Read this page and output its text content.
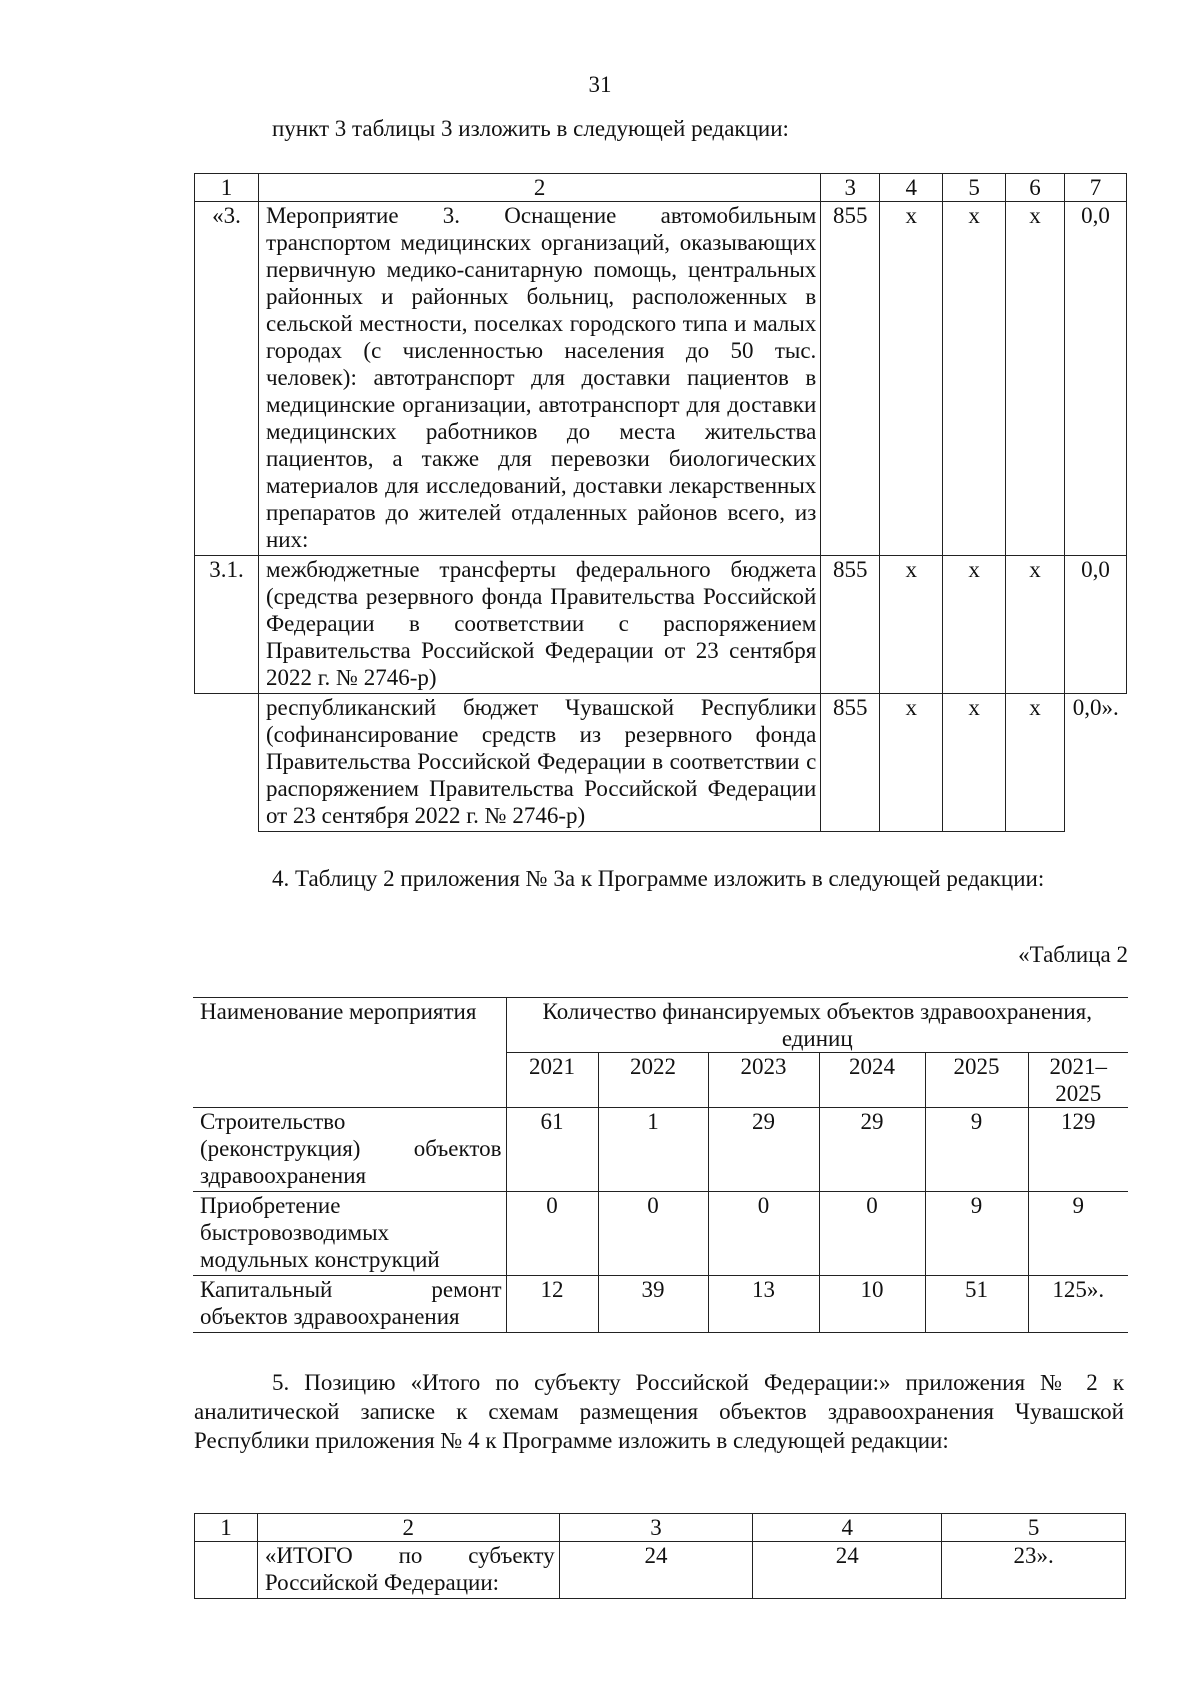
31
пункт 3 таблицы 3 изложить в следующей редакции:
1	2	3	4	5	6	7
«3.	Мероприятие 3. Оснащение автомобильным транспортом медицинских организаций, оказывающих первичную медико-санитарную помощь, центральных районных и районных больниц, расположенных в сельской местности, поселках городского типа и малых городах (с численностью населения до 50 тыс. человек): автотранспорт для доставки пациентов в медицинские организации, автотранспорт для доставки медицинских работников до места жительства пациентов, а также для перевозки биологических материалов для исследований, доставки лекарственных препаратов до жителей отдаленных районов всего, из них:	855	х	х	х	0,0
3.1.	межбюджетные трансферты федерального бюджета (средства резервного фонда Правительства Российской Федерации в соответствии с распоряжением Правительства Российской Федерации от 23 сентября 2022 г. № 2746-р)	855	х	х	х	0,0
	республиканский бюджет Чувашской Республики (софинансирование средств из резервного фонда Правительства Российской Федерации в соответствии с распоряжением Правительства Российской Федерации от 23 сентября 2022 г. № 2746-р)	855	х	х	х	0,0».
4. Таблицу 2 приложения № 3а к Программе изложить в следующей редакции:
«Таблица 2
Наименование мероприятия	Количество финансируемых объектов здравоохранения, единиц					
	2021	2022	2023	2024	2025	2021–2025
Строительство (реконструкция) объектов здравоохранения	61	1	29	29	9	129
Приобретение быстровозводимых модульных конструкций	0	0	0	0	9	9
Капитальный ремонт объектов здравоохранения	12	39	13	10	51	125».
5. Позицию «Итого по субъекту Российской Федерации:» приложения № 2 к аналитической записке к схемам размещения объектов здравоохранения Чувашской Республики приложения № 4 к Программе изложить в следующей редакции:
1	2	3	4	5
	«ИТОГО по субъекту Российской Федерации:	24	24	23».
